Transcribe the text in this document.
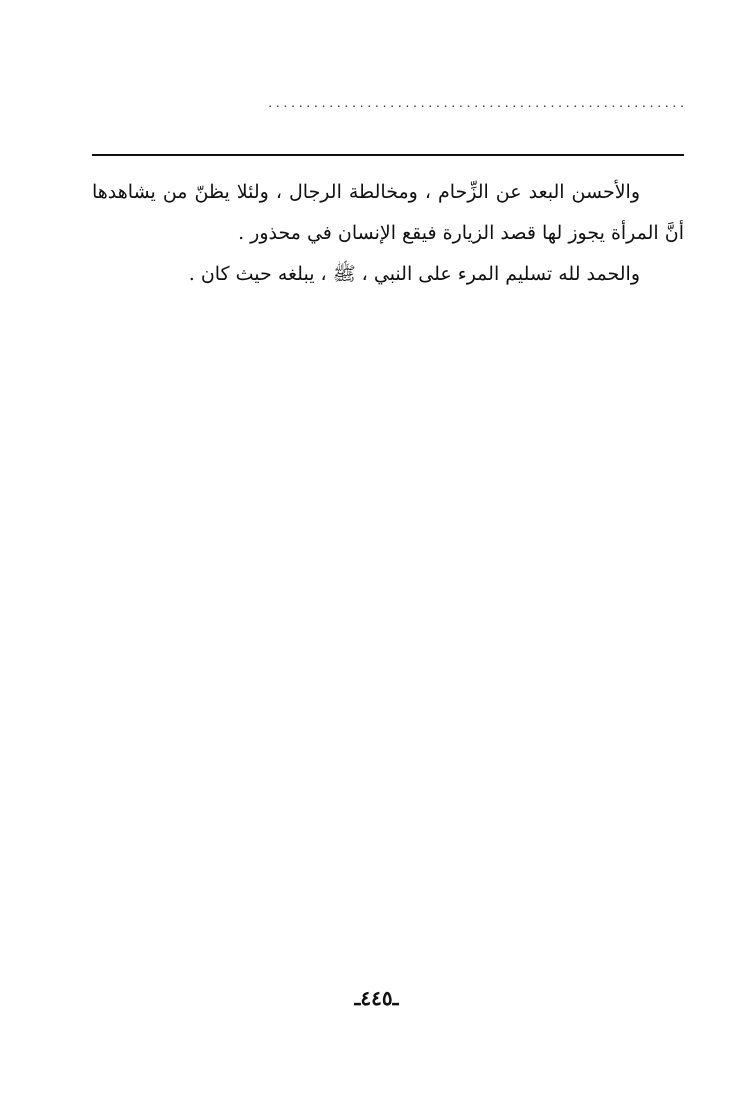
. . . . . . . . . . . . . . . . . . . . . . . . . . . . . . . . . . . . . . . . . . . . . . . . . . . . . . .
والأحسن البعد عن الزِّحام ، ومخالطة الرجال ، ولئلا يظنّ من يشاهدها
أنَّ المرأة يجوز لها قصد الزيارة فيقع الإنسان في محذور .
والحمد لله تسليم المرء على النبي ، ﷺ ، يبلغه حيث كان .
ـ٤٤٥ـ
